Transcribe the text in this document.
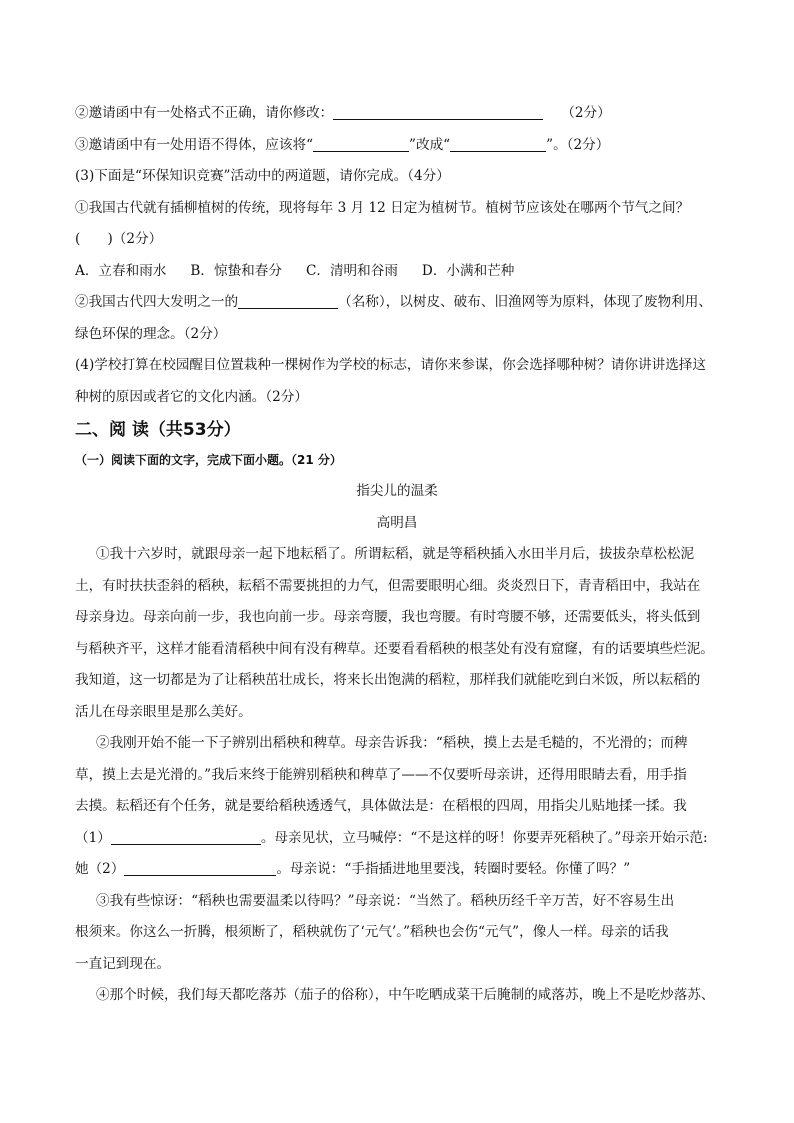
②邀请函中有一处格式不正确，请你修改：	（2分）
③邀请函中有一处用语不得体，应该将“	”改成“	”。（2分）
(3)下面是“环保知识竞赛”活动中的两道题，请你完成。（4分）
①我国古代就有插柳植树的传统，现将每年 3 月 12 日定为植树节。植树节应该处在哪两个节气之间？
(　　)（2分）
A．立春和雨水 B．惊蛰和春分 C．清明和谷雨 D．小满和芒种
②我国古代四大发明之一的	（名称），以树皮、破布、旧渔网等为原料，体现了废物利用、
绿色环保的理念。（2分）
(4)学校打算在校园醒目位置栽种一棵树作为学校的标志，请你来参谋，你会选择哪种树？请你讲讲选择这
种树的原因或者它的文化内涵。（2分）
二、阅 读（共53分）
（一）阅读下面的文字，完成下面小题。（21 分）
指尖儿的温柔
高明昌
①我十六岁时，就跟母亲一起下地耘稻了。所谓耘稻，就是等稻秧插入水田半月后，拔拔杂草松松泥
土，有时扶扶歪斜的稻秧，耘稻不需要挑担的力气，但需要眼明心细。炎炎烈日下，青青稻田中，我站在
母亲身边。母亲向前一步，我也向前一步。母亲弯腰，我也弯腰。有时弯腰不够，还需要低头，将头低到
与稻秧齐平，这样才能看清稻秧中间有没有稗草。还要看看稻秧的根茎处有没有窟窿，有的话要填些烂泥。
我知道，这一切都是为了让稻秧茁壮成长，将来长出饱满的稻粒，那样我们就能吃到白米饭，所以耘稻的
活儿在母亲眼里是那么美好。
②我刚开始不能一下子辨别出稻秧和稗草。母亲告诉我：“稻秧，摸上去是毛糙的，不光滑的；而稗
草，摸上去是光滑的。”我后来终于能辨别稻秧和稗草了——不仅要听母亲讲，还得用眼睛去看，用手指
去摸。耘稻还有个任务，就是要给稻秧透透气，具体做法是：在稻根的四周，用指尖儿贴地揉一揉。我
（1）	。母亲见状，立马喊停：“不是这样的呀！你要弄死稻秧了。”母亲开始示范:
她（2）	。母亲说：“手指插进地里要浅，转圈时要轻。你懂了吗？”
③我有些惊讶：“稻秧也需要温柔以待吗？”母亲说：“当然了。稻秧历经千辛万苦，好不容易生出
根须来。你这么一折腾，根须断了，稻秧就伤了‘元气’。”稻秧也会伤“元气”，像人一样。母亲的话我
一直记到现在。
④那个时候，我们每天都吃落苏（茄子的俗称），中午吃晒成菜干后腌制的咸落苏，晚上不是吃炒落苏、
